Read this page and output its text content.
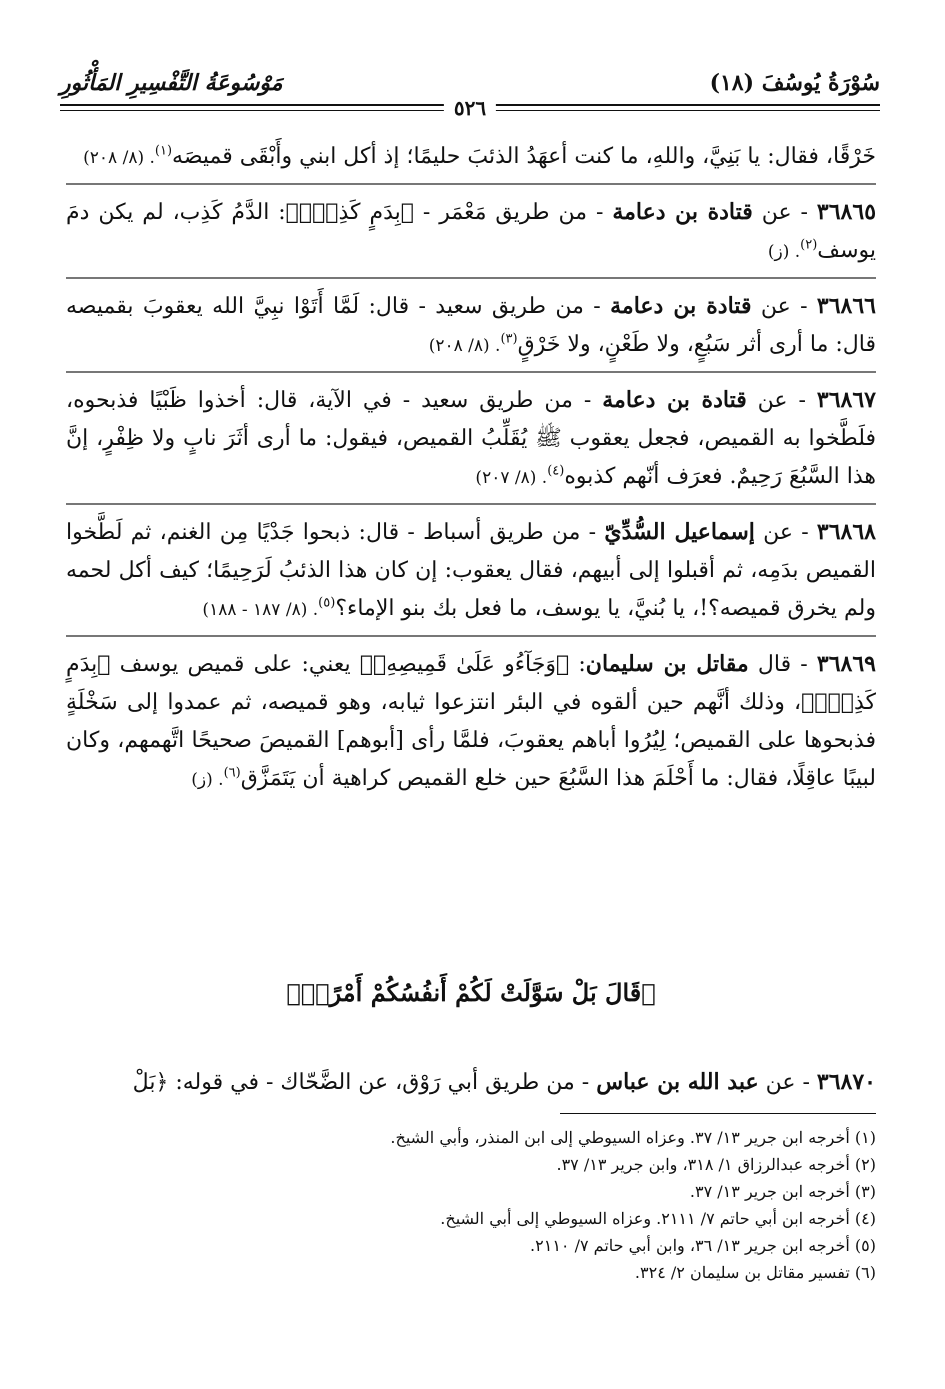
سُوْرَةُ يُوسُفَ (١٨)
مَوْسُوعَةُ التَّفْسِيرِ المَأْثُورِ
٥٢٦

خَرْقًا، فقال: يا بَنِيَّ، واللهِ، ما كنت أعهَدُ الذئبَ حليمًا؛ إذ أكل ابني وأَبْقَى قميصَه$^{(١)}$. (٨/ ٢٠٨)

٣٦٨٦٥ - عن قتادة بن دعامة - من طريق مَعْمَر - ﴿بِدَمٍ كَذِبٍۚ﴾: الدَّمُ كَذِب، لم يكن دمَ يوسف$^{(٢)}$. (ز)

٣٦٨٦٦ - عن قتادة بن دعامة - من طريق سعيد - قال: لَمَّا أَتَوْا نبِيَّ الله يعقوبَ بقميصه قال: ما أرى أثر سَبُعٍ، ولا طَعْنٍ، ولا خَرْقٍ$^{(٣)}$. (٨/ ٢٠٨)

٣٦٨٦٧ - عن قتادة بن دعامة - من طريق سعيد - في الآية، قال: أخذوا ظَبْيًا فذبحوه، فلَطَّخوا به القميص، فجعل يعقوب ﷺ يُقَلِّبُ القميص، فيقول: ما أرى أثَرَ نابٍ ولا ظِفْرٍ، إنَّ هذا السَّبُعَ رَحِيمٌ. فعرَف أنّهم كذبوه$^{(٤)}$. (٨/ ٢٠٧)

٣٦٨٦٨ - عن إسماعيل السُّدِّيّ - من طريق أسباط - قال: ذبحوا جَدْيًا مِن الغنم، ثم لَطَّخوا القميص بدَمِه، ثم أقبلوا إلى أبيهم، فقال يعقوب: إن كان هذا الذئبُ لَرَحِيمًا؛ كيف أكل لحمه ولم يخرق قميصه؟!، يا بُنيَّ، يا يوسف، ما فعل بك بنو الإماء؟$^{(٥)}$. (٨/ ١٨٧ - ١٨٨)

٣٦٨٦٩ - قال مقاتل بن سليمان: ﴿وَجَآءُو عَلَىٰ قَمِيصِهِۦ﴾ يعني: على قميص يوسف ﴿بِدَمٍ كَذِبٍۚ﴾، وذلك أنَّهم حين ألقوه في البئر انتزعوا ثيابه، وهو قميصه، ثم عمدوا إلى سَخْلَةٍ فذبحوها على القميص؛ لِيُرُوا أباهم يعقوبَ، فلمَّا رأى [أبوهم] القميصَ صحيحًا اتَّهمهم، وكان لبيبًا عاقِلًا، فقال: ما أَحْلَمَ هذا السَّبُعَ حين خلع القميص كراهية أن يَتَمَزَّق$^{(٦)}$. (ز)

﴿قَالَ بَلْ سَوَّلَتْ لَكُمْ أَنفُسُكُمْ أَمْرًاۖ﴾
٣٦٨٧٠ - عن عبد الله بن عباس - من طريق أبي رَوْق، عن الضَّحّاك - في قوله: ﴿بَلْ

(١) أخرجه ابن جرير ١٣/ ٣٧. وعزاه السيوطي إلى ابن المنذر، وأبي الشيخ.

(٢) أخرجه عبدالرزاق ١/ ٣١٨، وابن جرير ١٣/ ٣٧.

(٣) أخرجه ابن جرير ١٣/ ٣٧.

(٤) أخرجه ابن أبي حاتم ٧/ ٢١١١. وعزاه السيوطي إلى أبي الشيخ.

(٥) أخرجه ابن جرير ١٣/ ٣٦، وابن أبي حاتم ٧/ ٢١١٠.

(٦) تفسير مقاتل بن سليمان ٢/ ٣٢٤.
